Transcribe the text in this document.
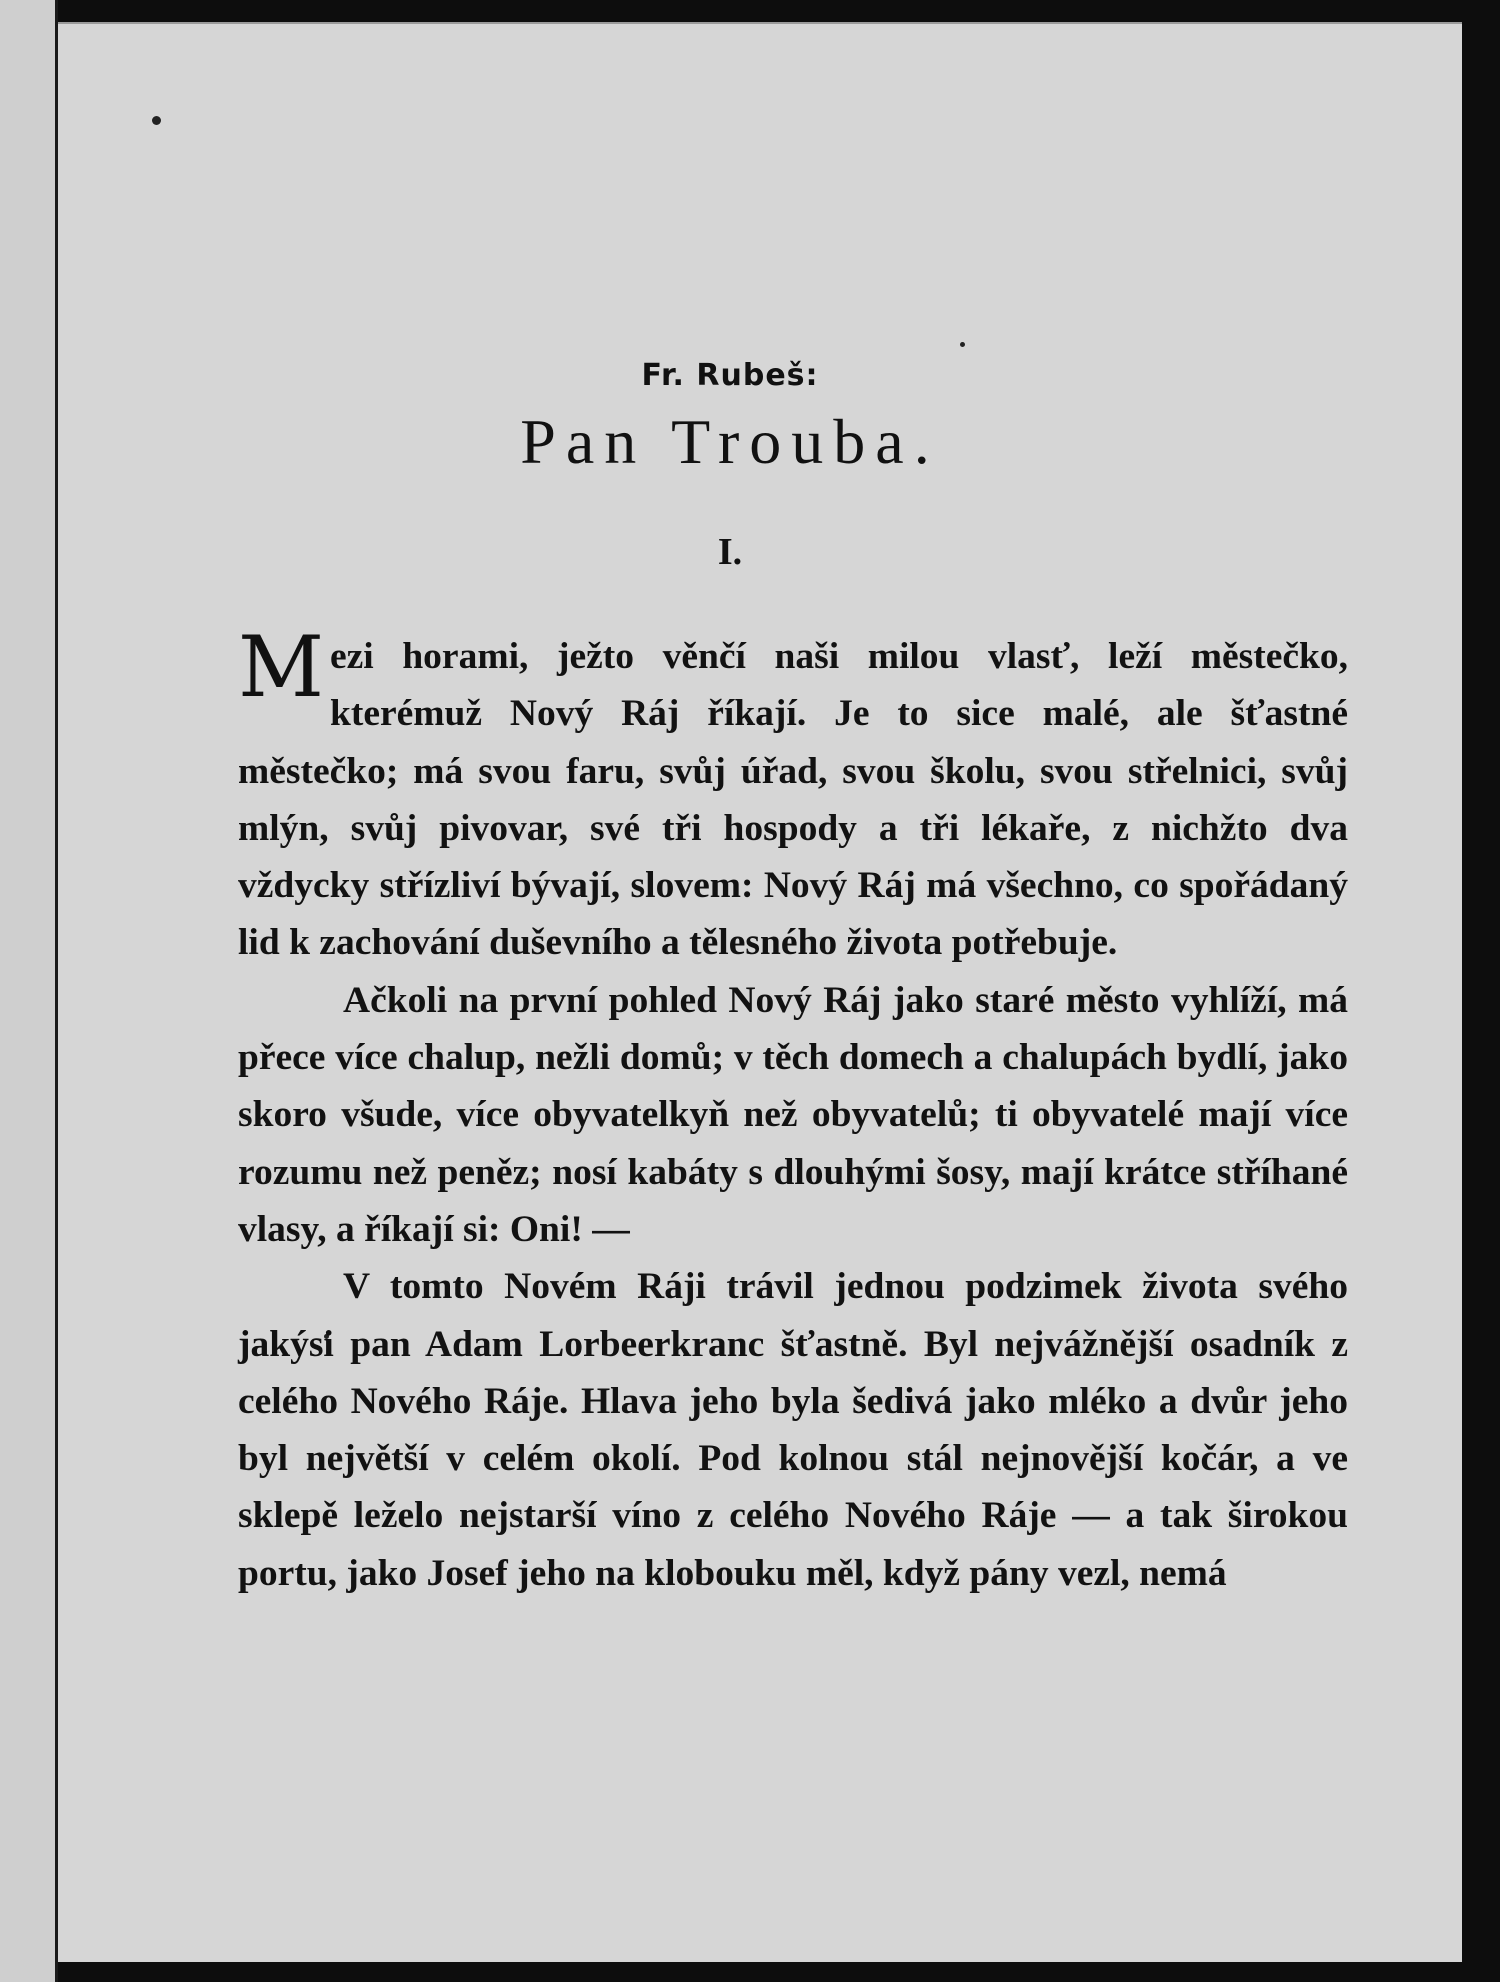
Fr. Rubeš:
Pan Trouba.
I.

Mezi horami, ježto věnčí naši milou vlasť, leží městečko, kterémuž Nový Ráj říkají. Je to sice malé, ale šťastné městečko; má svou faru, svůj úřad, svou školu, svou střelnici, svůj mlýn, svůj pivovar, své tři hospody a tři lékaře, z nichžto dva vždycky střízliví bývají, slovem: Nový Ráj má všechno, co spořádaný lid k zachování duševního a tělesného života potřebuje.

Ačkoli na první pohled Nový Ráj jako staré město vyhlíží, má přece více chalup, nežli domů; v těch domech a chalupách bydlí, jako skoro všude, více obyvatelkyň než obyvatelů; ti obyvatelé mají více rozumu než peněz; nosí kabáty s dlouhými šosy, mají krátce stříhané vlasy, a říkají si: Oni! —

V tomto Novém Ráji trávil jednou podzimek života svého jakýsi pan Adam Lorbeerkranc šťastně. Byl nejvážnější osadník z celého Nového Ráje. Hlava jeho byla šedivá jako mléko a dvůr jeho byl největší v celém okolí. Pod kolnou stál nejnovější kočár, a ve sklepě leželo nejstarší víno z celého Nového Ráje — a tak širokou portu, jako Josef jeho na klobouku měl, když pány vezl, nemá
